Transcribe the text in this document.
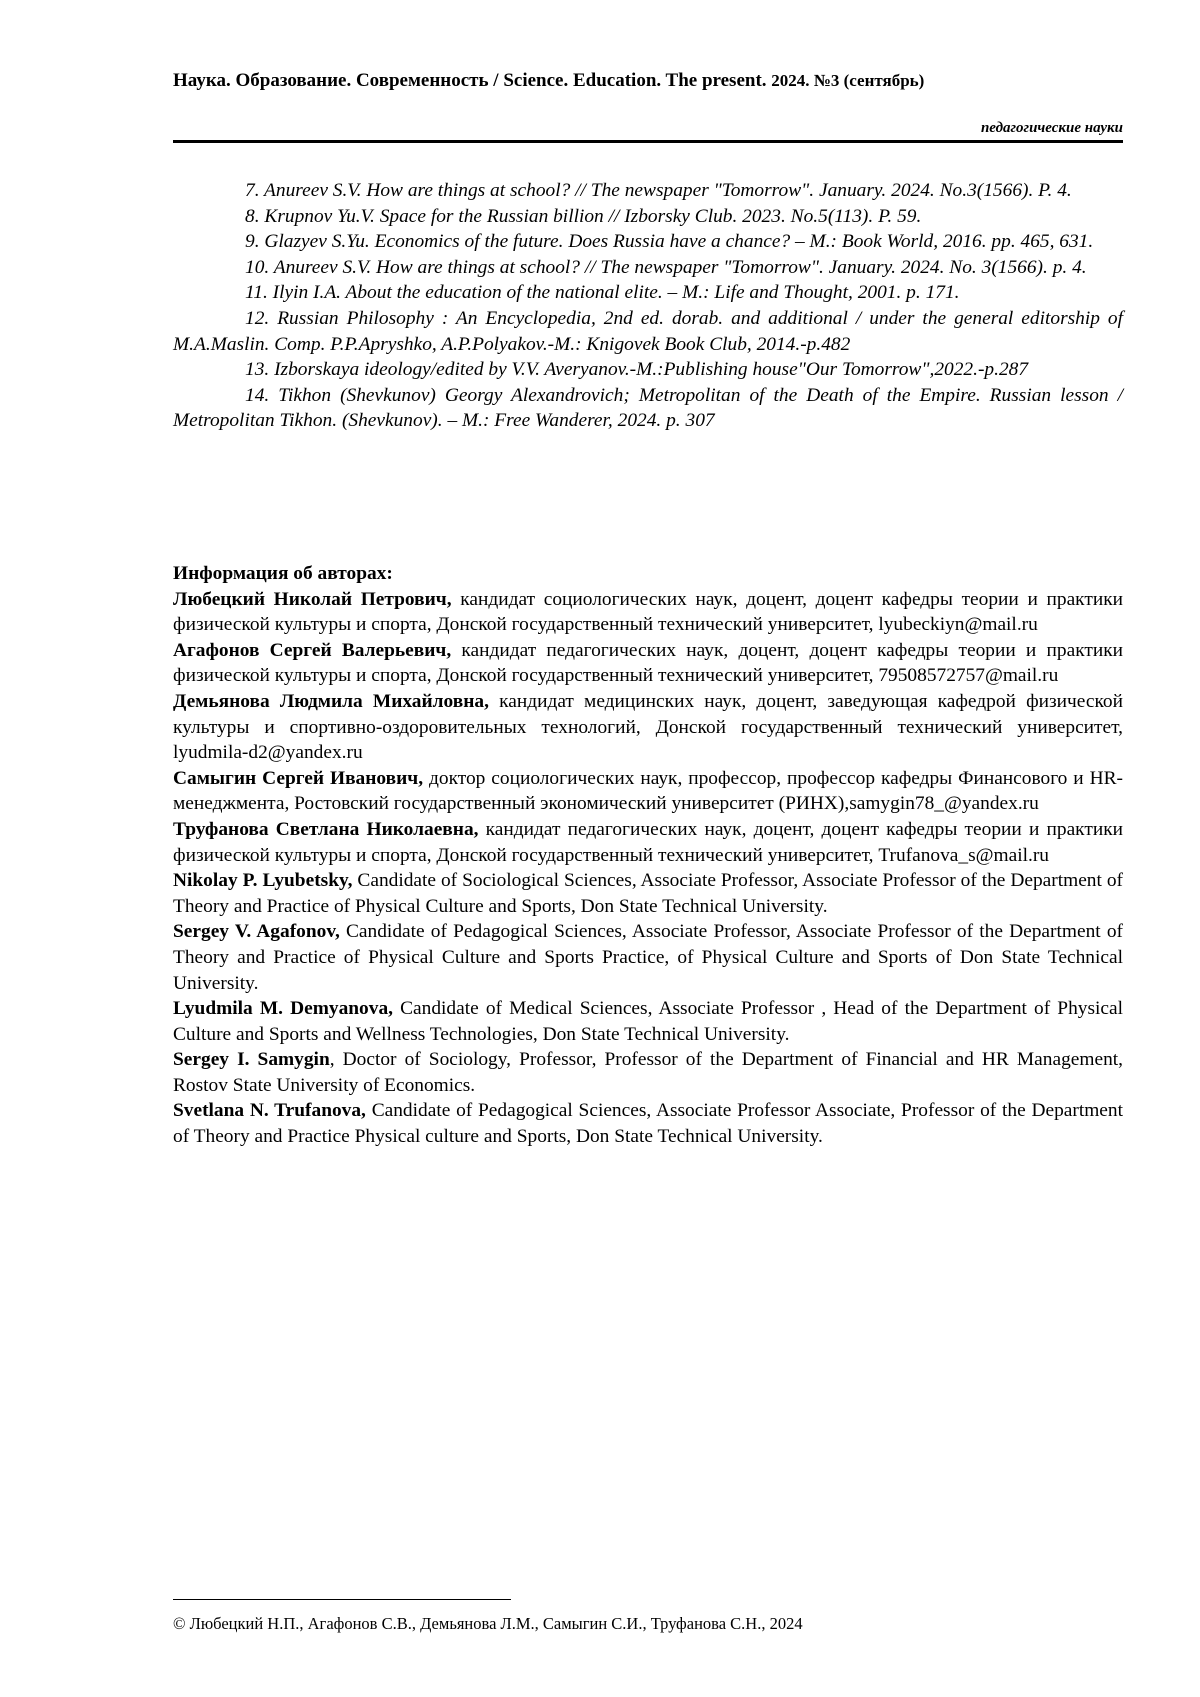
Наука. Образование. Современность / Science. Education. The present. 2024. №3 (сентябрь)
педагогические науки

7. Anureev S.V. How are things at school? // The newspaper "Tomorrow". January. 2024. No.3(1566). P. 4.

8. Krupnov Yu.V. Space for the Russian billion // Izborsky Club. 2023. No.5(113). P. 59.

9. Glazyev S.Yu. Economics of the future. Does Russia have a chance? – M.: Book World, 2016. pp. 465, 631.

10. Anureev S.V. How are things at school? // The newspaper "Tomorrow". January. 2024. No. 3(1566). p. 4.

11. Ilyin I.A. About the education of the national elite. – M.: Life and Thought, 2001. p. 171.

12. Russian Philosophy : An Encyclopedia, 2nd ed. dorab. and additional / under the general editorship of M.A.Maslin. Comp. P.P.Apryshko, A.P.Polyakov.-M.: Knigovek Book Club, 2014.-p.482

13. Izborskaya ideology/edited by V.V. Averyanov.-M.:Publishing house"Our Tomorrow",2022.-p.287

14. Tikhon (Shevkunov) Georgy Alexandrovich; Metropolitan of the Death of the Empire. Russian lesson / Metropolitan Tikhon. (Shevkunov). – M.: Free Wanderer, 2024. p. 307

Информация об авторах:

Любецкий Николай Петрович, кандидат социологических наук, доцент, доцент кафедры теории и практики физической культуры и спорта, Донской государственный технический университет, lyubeckiyn@mail.ru

Агафонов Сергей Валерьевич, кандидат педагогических наук, доцент, доцент кафедры теории и практики физической культуры и спорта, Донской государственный технический университет, 79508572757@mail.ru

Демьянова Людмила Михайловна, кандидат медицинских наук, доцент, заведующая кафедрой физической культуры и спортивно-оздоровительных технологий, Донской государственный технический университет, lyudmila-d2@yandex.ru

Самыгин Сергей Иванович, доктор социологических наук, профессор, профессор кафедры Финансового и HR-менеджмента, Ростовский государственный экономический университет (РИНХ),samygin78_@yandex.ru

Труфанова Светлана Николаевна, кандидат педагогических наук, доцент, доцент кафедры теории и практики физической культуры и спорта, Донской государственный технический университет, Trufanova_s@mail.ru

Nikolay P. Lyubetsky, Candidate of Sociological Sciences, Associate Professor, Associate Professor of the Department of Theory and Practice of Physical Culture and Sports, Don State Technical University.

Sergey V. Agafonov, Candidate of Pedagogical Sciences, Associate Professor, Associate Professor of the Department of Theory and Practice of Physical Culture and Sports Practice, of Physical Culture and Sports of Don State Technical University.

Lyudmila M. Demyanova, Candidate of Medical Sciences, Associate Professor , Head of the Department of Physical Culture and Sports and Wellness Technologies, Don State Technical University.

Sergey I. Samygin, Doctor of Sociology, Professor, Professor of the Department of Financial and HR Management, Rostov State University of Economics.

Svetlana N. Trufanova, Candidate of Pedagogical Sciences, Associate Professor Associate, Professor of the Department of Theory and Practice Physical culture and Sports, Don State Technical University.

© Любецкий Н.П., Агафонов С.В., Демьянова Л.М., Самыгин С.И., Труфанова С.Н., 2024
